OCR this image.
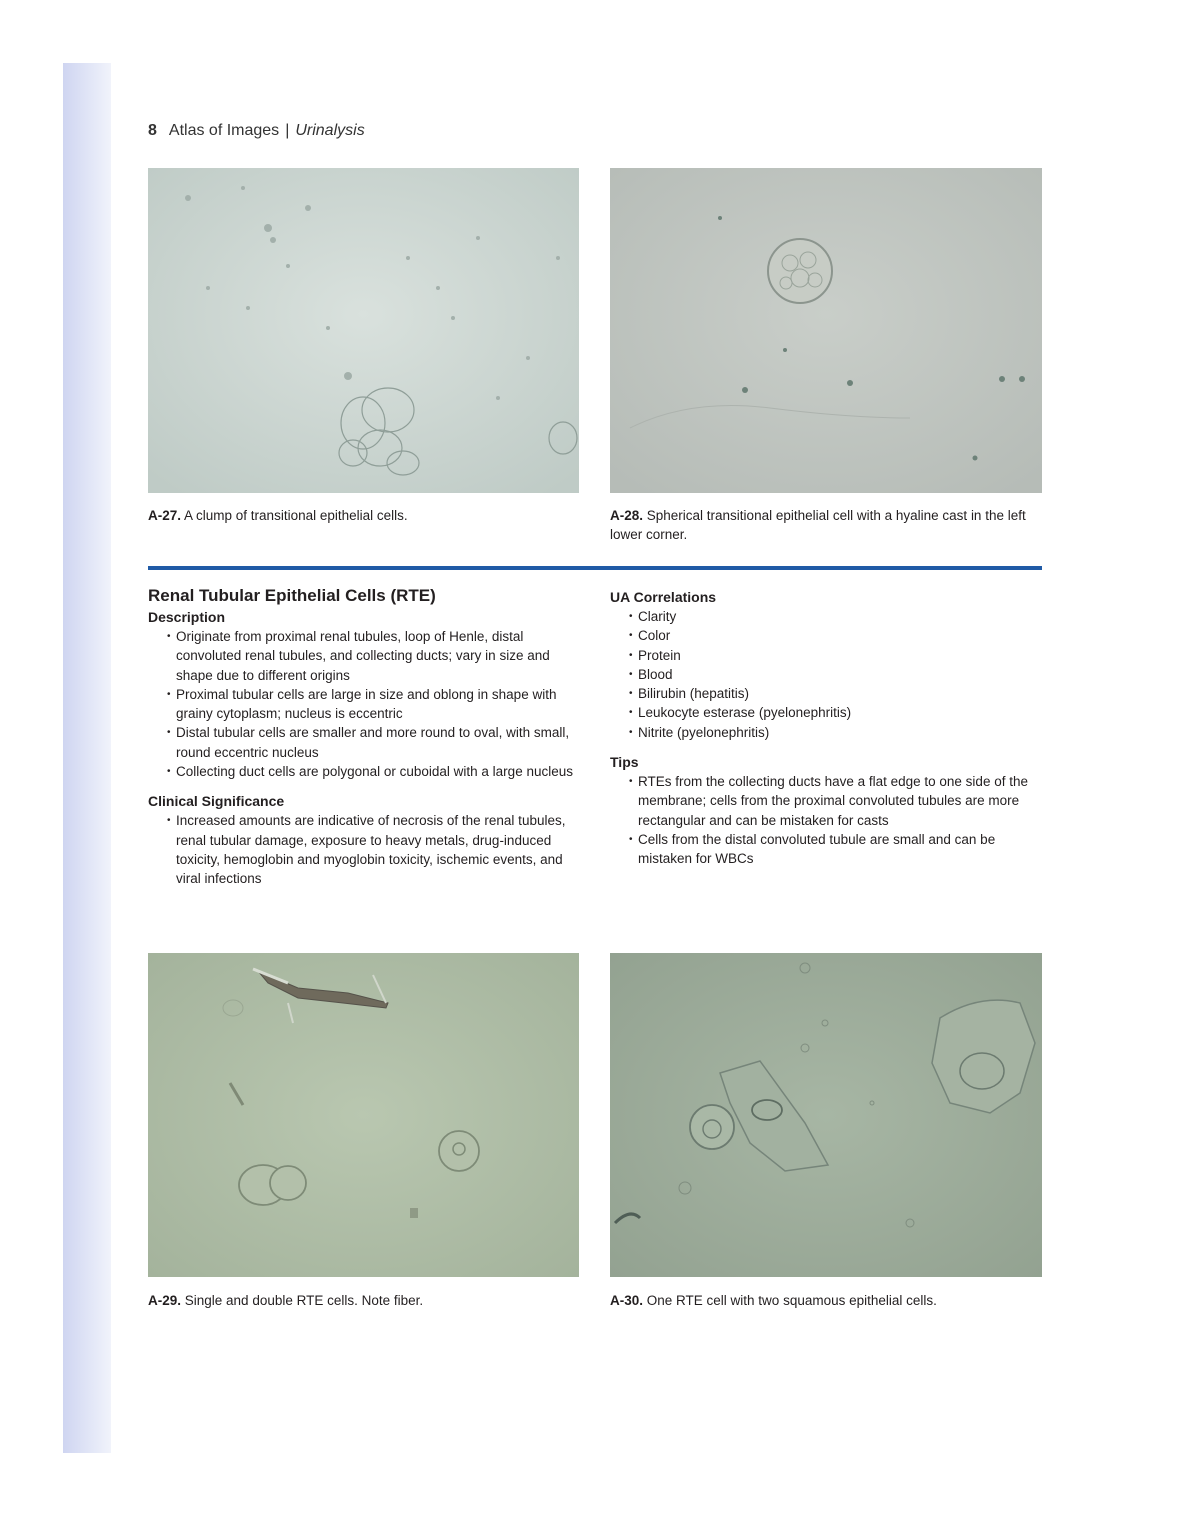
8 Atlas of Images | Urinalysis
A-27. A clump of transitional epithelial cells.	A-28. Spherical transitional epithelial cell with a hyaline cast in the left lower corner.
Renal Tubular Epithelial Cells (RTE)
Description
• Originate from proximal renal tubules, loop of Henle, distal convoluted renal tubules, and collecting ducts; vary in size and shape due to different origins
• Proximal tubular cells are large in size and oblong in shape with grainy cytoplasm; nucleus is eccentric
• Distal tubular cells are smaller and more round to oval, with small, round eccentric nucleus
• Collecting duct cells are polygonal or cuboidal with a large nucleus
Clinical Significance
• Increased amounts are indicative of necrosis of the renal tubules, renal tubular damage, exposure to heavy metals, drug-induced toxicity, hemoglobin and myoglobin toxicity, ischemic events, and viral infections
UA Correlations
• Clarity
• Color
• Protein
• Blood
• Bilirubin (hepatitis)
• Leukocyte esterase (pyelonephritis)
• Nitrite (pyelonephritis)
Tips
• RTEs from the collecting ducts have a flat edge to one side of the membrane; cells from the proximal convoluted tubules are more rectangular and can be mistaken for casts
• Cells from the distal convoluted tubule are small and can be mistaken for WBCs
A-29. Single and double RTE cells. Note fiber.	A-30. One RTE cell with two squamous epithelial cells.
